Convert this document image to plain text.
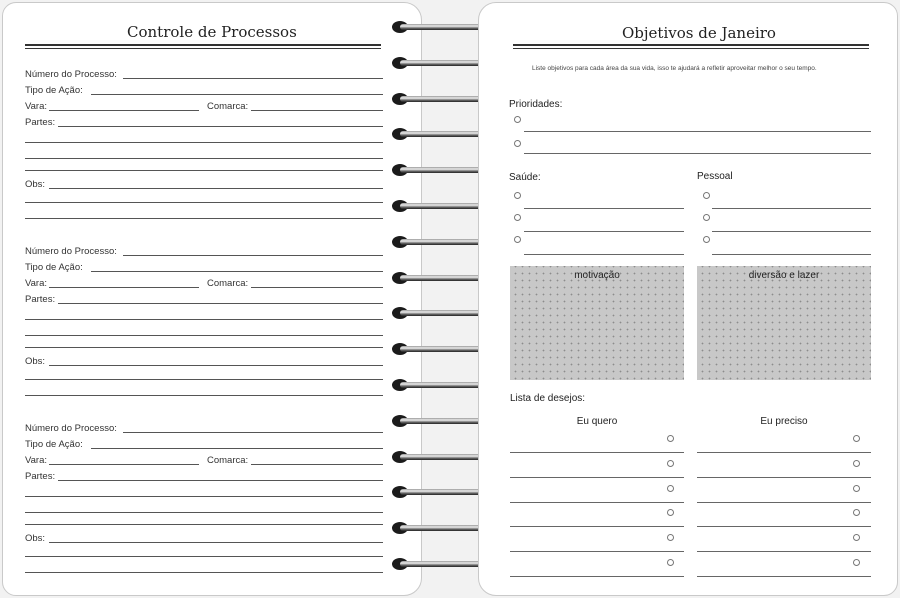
Controle de Processos
Número do Processo:
Tipo de Ação:
Vara:	Comarca:
Partes:
Obs:
Número do Processo:
Tipo de Ação:
Vara:	Comarca:
Partes:
Obs:
Número do Processo:
Tipo de Ação:
Vara:	Comarca:
Partes:
Obs:
Objetivos de Janeiro
Liste objetivos para cada área da sua vida, isso te ajudará a refletir aproveitar melhor o seu tempo.
Prioridades:
Saúde:	Pessoal
motivação	diversão e lazer
Lista de desejos:
Eu quero	Eu preciso
